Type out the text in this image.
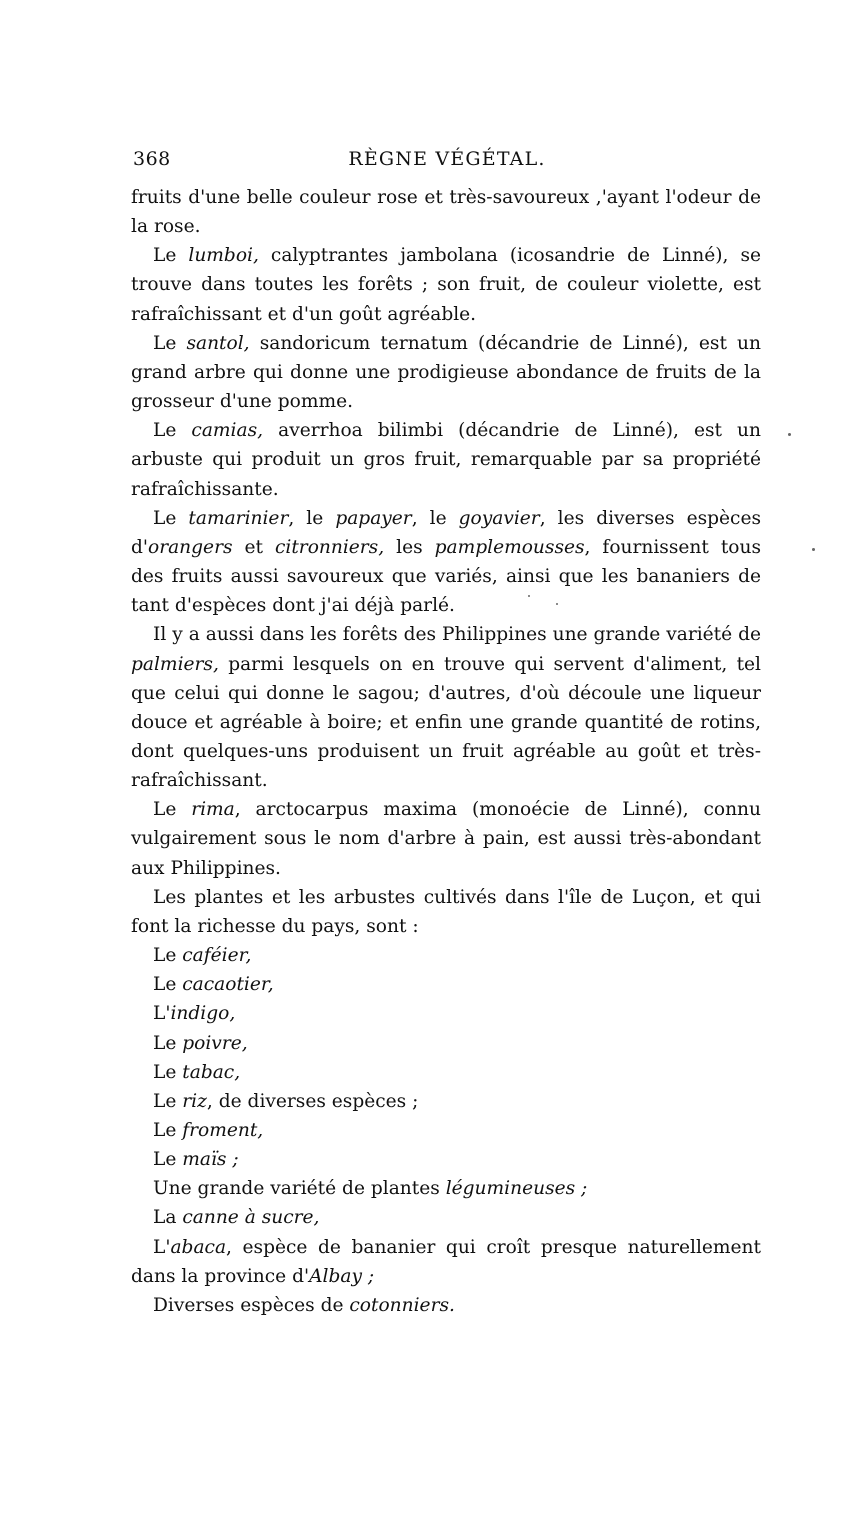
368	RÈGNE VÉGÉTAL.

fruits d'une belle couleur rose et très-savoureux ,'ayant l'odeur de la rose.

Le lumboi, calyptrantes jambolana (icosandrie de Linné), se trouve dans toutes les forêts ; son fruit, de couleur violette, est rafraîchissant et d'un goût agréable.

Le santol, sandoricum ternatum (décandrie de Linné), est un grand arbre qui donne une prodigieuse abondance de fruits de la grosseur d'une pomme.

Le camias, averrhoa bilimbi (décandrie de Linné), est un arbuste qui produit un gros fruit, remarquable par sa propriété rafraîchissante.

Le tamarinier, le papayer, le goyavier, les diverses espèces d'orangers et citronniers, les pamplemousses, fournissent tous des fruits aussi savoureux que variés, ainsi que les bananiers de tant d'espèces dont j'ai déjà parlé.

Il y a aussi dans les forêts des Philippines une grande variété de palmiers, parmi lesquels on en trouve qui servent d'aliment, tel que celui qui donne le sagou; d'autres, d'où découle une liqueur douce et agréable à boire; et enfin une grande quantité de rotins, dont quelques-uns produisent un fruit agréable au goût et très-rafraîchissant.

Le rima, arctocarpus maxima (monoécie de Linné), connu vulgairement sous le nom d'arbre à pain, est aussi très-abondant aux Philippines.

Les plantes et les arbustes cultivés dans l'île de Luçon, et qui font la richesse du pays, sont :

Le caféier,
Le cacaotier,
L'indigo,
Le poivre,
Le tabac,
Le riz, de diverses espèces ;
Le froment,
Le maïs ;
Une grande variété de plantes légumineuses ;
La canne à sucre,
L'abaca, espèce de bananier qui croît presque naturellement dans la province d'Albay ;
Diverses espèces de cotonniers.
